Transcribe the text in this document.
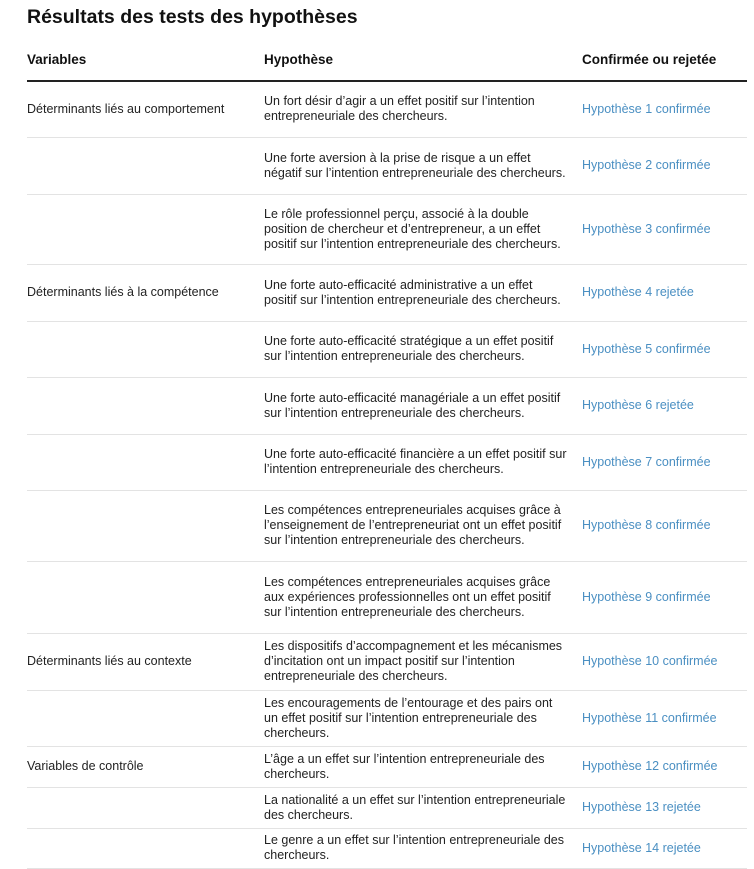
Résultats des tests des hypothèses
Variables	Hypothèse	Confirmée ou rejetée

Déterminants liés au comportement	Un fort désir d’agir a un effet positif sur l’intention entrepreneuriale des chercheurs.	Hypothèse 1 confirmée

	Une forte aversion à la prise de risque a un effet négatif sur l’intention entrepreneuriale des chercheurs.	Hypothèse 2 confirmée

	Le rôle professionnel perçu, associé à la double position de chercheur et d’entrepreneur, a un effet positif sur l’intention entrepreneuriale des chercheurs.	Hypothèse 3 confirmée

Déterminants liés à la compétence	Une forte auto-efficacité administrative a un effet positif sur l’intention entrepreneuriale des chercheurs.	Hypothèse 4 rejetée

	Une forte auto-efficacité stratégique a un effet positif sur l’intention entrepreneuriale des chercheurs.	Hypothèse 5 confirmée

	Une forte auto-efficacité managériale a un effet positif sur l’intention entrepreneuriale des chercheurs.	Hypothèse 6 rejetée

	Une forte auto-efficacité financière a un effet positif sur l’intention entrepreneuriale des chercheurs.	Hypothèse 7 confirmée

	Les compétences entrepreneuriales acquises grâce à l’enseignement de l’entrepreneuriat ont un effet positif sur l’intention entrepreneuriale des chercheurs.	Hypothèse 8 confirmée

	Les compétences entrepreneuriales acquises grâce aux expériences professionnelles ont un effet positif sur l’intention entrepreneuriale des chercheurs.	Hypothèse 9 confirmée

Déterminants liés au contexte	Les dispositifs d’accompagnement et les mécanismes d’incitation ont un impact positif sur l’intention entrepreneuriale des chercheurs.	Hypothèse 10 confirmée

	Les encouragements de l’entourage et des pairs ont un effet positif sur l’intention entrepreneuriale des chercheurs.	Hypothèse 11 confirmée

Variables de contrôle	L’âge a un effet sur l’intention entrepreneuriale des chercheurs.	Hypothèse 12 confirmée

	La nationalité a un effet sur l’intention entrepreneuriale des chercheurs.	Hypothèse 13 rejetée

	Le genre a un effet sur l’intention entrepreneuriale des chercheurs.	Hypothèse 14 rejetée
